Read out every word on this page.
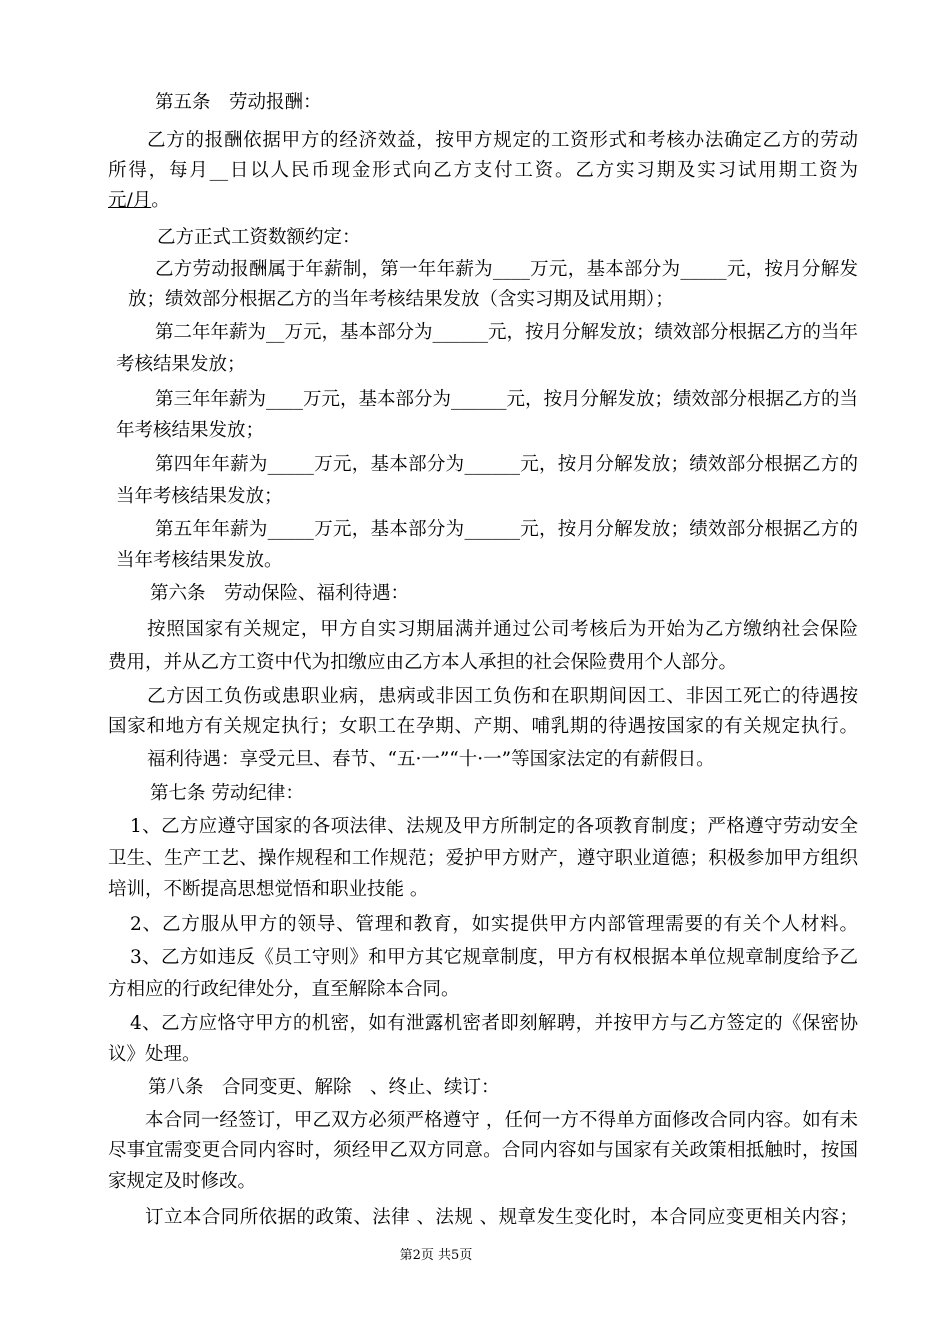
第五条　劳动报酬：
乙方的报酬依据甲方的经济效益，按甲方规定的工资形式和考核办法确定乙方的劳动
所得，每月__日以人民币现金形式向乙方支付工资。乙方实习期及实习试用期工资为
元/月。
乙方正式工资数额约定：
乙方劳动报酬属于年薪制，第一年年薪为____万元，基本部分为_____元，按月分解发
放；绩效部分根据乙方的当年考核结果发放（含实习期及试用期）；
第二年年薪为__万元，基本部分为______元，按月分解发放；绩效部分根据乙方的当年
考核结果发放；
第三年年薪为____万元，基本部分为______元，按月分解发放；绩效部分根据乙方的当
年考核结果发放；
第四年年薪为_____万元，基本部分为______元，按月分解发放；绩效部分根据乙方的
当年考核结果发放；
第五年年薪为_____万元，基本部分为______元，按月分解发放；绩效部分根据乙方的
当年考核结果发放。
第六条　劳动保险、福利待遇：
按照国家有关规定，甲方自实习期届满并通过公司考核后为开始为乙方缴纳社会保险
费用，并从乙方工资中代为扣缴应由乙方本人承担的社会保险费用个人部分。
乙方因工负伤或患职业病，患病或非因工负伤和在职期间因工、非因工死亡的待遇按
国家和地方有关规定执行；女职工在孕期、产期、哺乳期的待遇按国家的有关规定执行。
福利待遇：享受元旦、春节、“五·一”“十·一”等国家法定的有薪假日。
第七条 劳动纪律：
1、乙方应遵守国家的各项法律、法规及甲方所制定的各项教育制度；严格遵守劳动安全
卫生、生产工艺、操作规程和工作规范；爱护甲方财产，遵守职业道德；积极参加甲方组织
培训，不断提高思想觉悟和职业技能 。
2、乙方服从甲方的领导、管理和教育，如实提供甲方内部管理需要的有关个人材料。
3、乙方如违反《员工守则》和甲方其它规章制度，甲方有权根据本单位规章制度给予乙
方相应的行政纪律处分，直至解除本合同。
4、乙方应恪守甲方的机密，如有泄露机密者即刻解聘，并按甲方与乙方签定的《保密协
议》处理。
第八条　合同变更、解除　、终止、续订：
本合同一经签订，甲乙双方必须严格遵守 ，任何一方不得单方面修改合同内容。如有未
尽事宜需变更合同内容时，须经甲乙双方同意。合同内容如与国家有关政策相抵触时，按国
家规定及时修改。
订立本合同所依据的政策、法律 、法规 、规章发生变化时，本合同应变更相关内容；
第2页 共5页
